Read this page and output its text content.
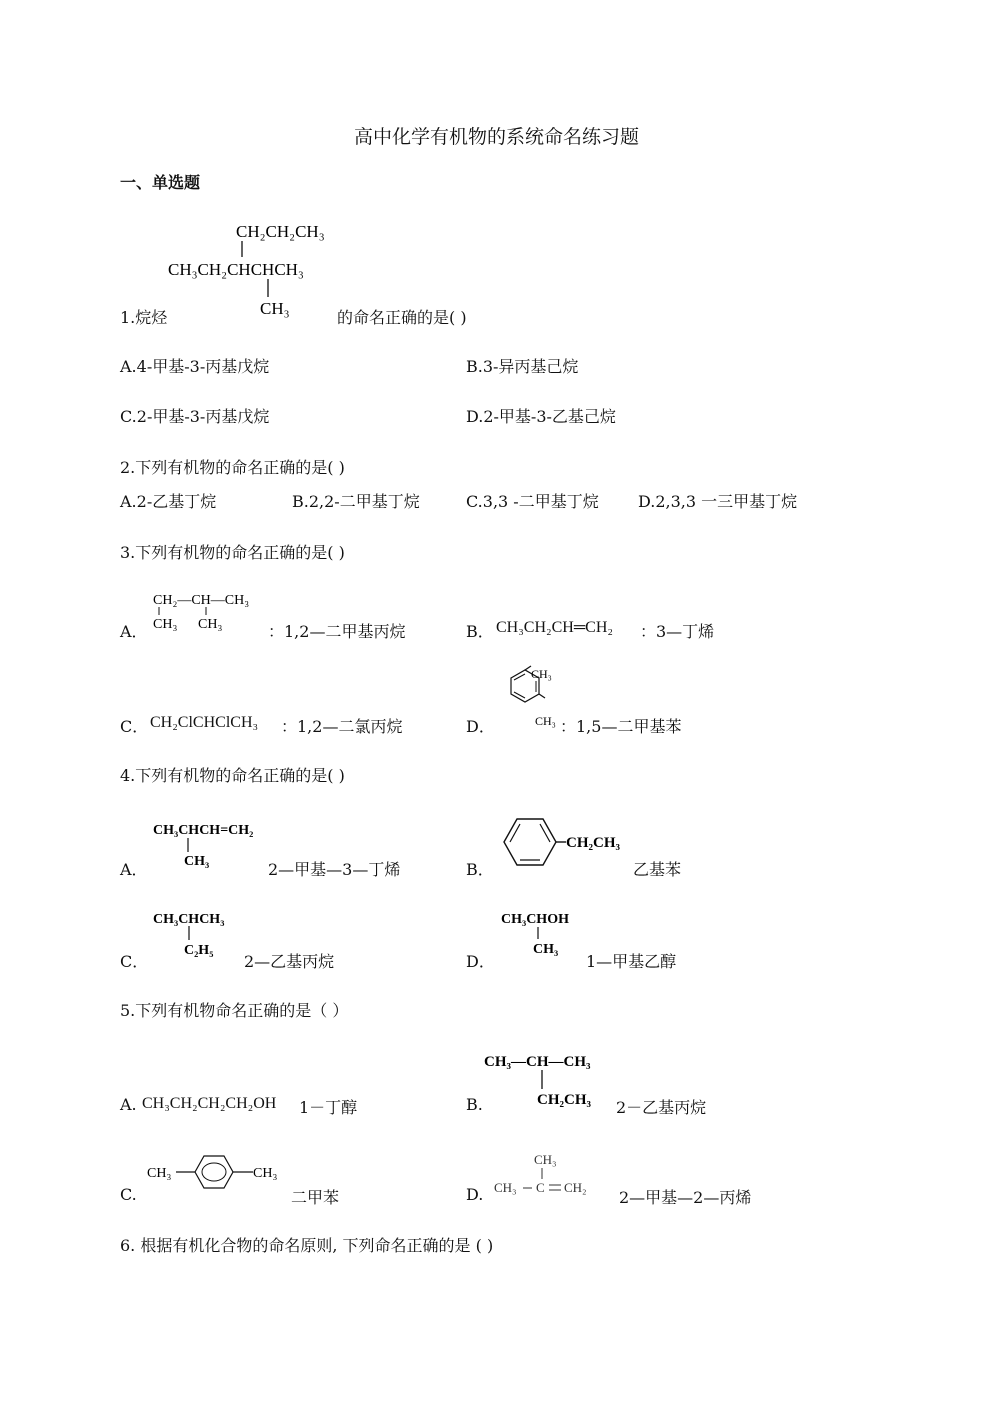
高中化学有机物的系统命名练习题
一、单选题
CH₂CH₂CH₃
CH₃CH₂CHCHCH₃
CH₃
1.烷烃	的命名正确的是( )
A.4-甲基-3-丙基戊烷	B.3-异丙基己烷
C.2-甲基-3-丙基戊烷	D.2-甲基-3-乙基己烷
2.下列有机物的命名正确的是( )
A.2-乙基丁烷	B.2,2-二甲基丁烷	C.3,3 -二甲基丁烷 D.2,3,3 一三甲基丁烷
3.下列有机物的命名正确的是( )
A．
CH₂—CH—CH₃
CH₃ CH₃	：1,2—二甲基丙烷	B． CH₃CH₂CH═CH₂ ：3—丁烯
C． CH₂ClCHClCH₃ ：1,2—二氯丙烷	D．
CH₃
CH₃ ：1,5—二甲基苯
4.下列有机物的命名正确的是( )
A．
CH₃CHCH=CH₂
CH₃	2—甲基—3—丁烯	B．
CH₂CH₃
乙基苯
C．
CH₃CHCH₃
C₂H₅
2—乙基丙烷	D．
CH₃CHOH
CH₃
1—甲基乙醇
5.下列有机物命名正确的是（ ）
A. CH₃CH₂CH₂CH₂OH 1－丁醇	B.
CH₃—CH—CH₃
CH₂CH₃ 2－乙基丙烷
C.
CH₃	CH₃
二甲苯	D.
CH₃
CH₃ C CH₂
2—甲基—2—丙烯
6. 根据有机化合物的命名原则, 下列命名正确的是 ( )
